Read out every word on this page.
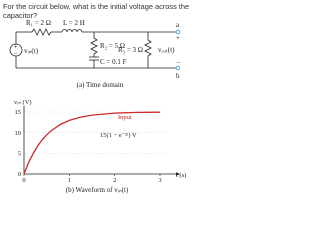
For the circuit below, what is the initial voltage across the capacitor?
+
−
R₁ = 2 Ω L = 2 H
R₂ = 5 Ω
C = 0.1 F
R₃ = 3 Ω
vᵢₙ(t)	vₒᵤₜ(t)
a
b
+
−
(a) Time domain
vᵢₙ (V)
0
5
10
15
0	1	2	3
Input
15(1 − e⁻²ᵗ) V
t (s)
(b) Waveform of vᵢₙ(t)
